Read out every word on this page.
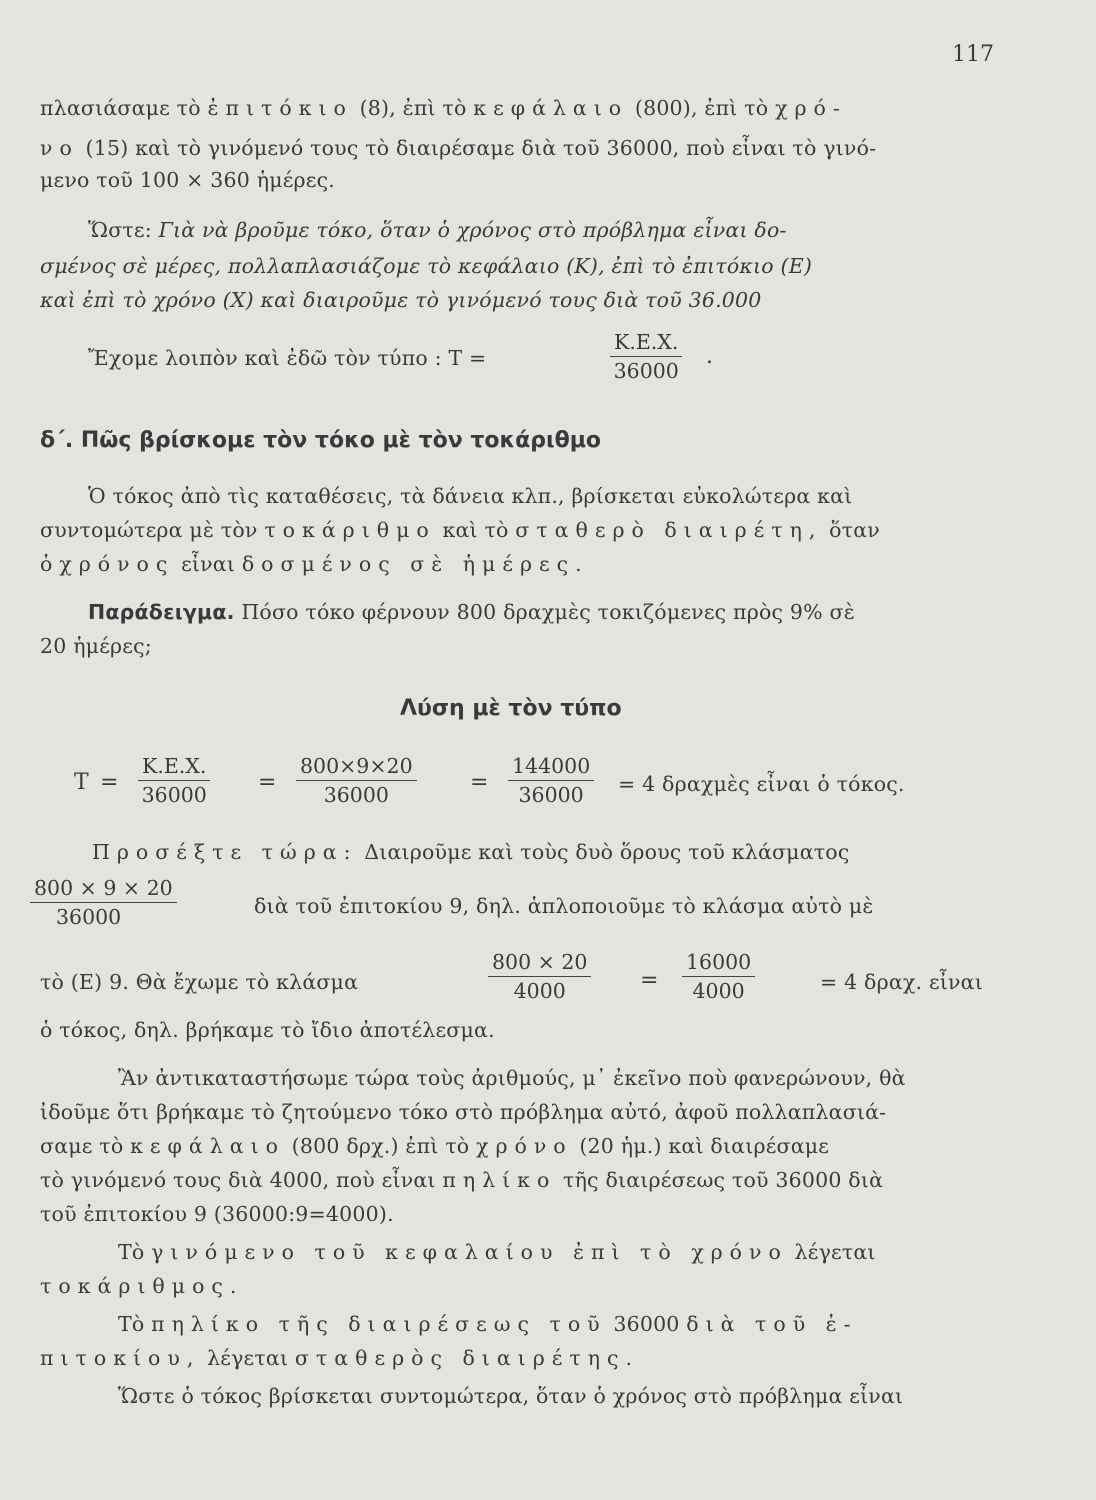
117
πλασιάσαμε τὸ ἐπιτόκιο (8), ἐπὶ τὸ κεφάλαιο (800), ἐπὶ τὸ χρό-
νο (15) καὶ τὸ γινόμενό τους τὸ διαιρέσαμε διὰ τοῦ 36000, ποὺ εἶναι τὸ γινό-
μενο τοῦ 100 × 360 ἡμέρες.
Ὥστε: Γιὰ νὰ βροῦμε τόκο, ὅταν ὁ χρόνος στὸ πρόβλημα εἶναι δο-
σμένος σὲ μέρες, πολλαπλασιάζομε τὸ κεφάλαιο (Κ), ἐπὶ τὸ ἐπιτόκιο (Ε)
καὶ ἐπὶ τὸ χρόνο (Χ) καὶ διαιροῦμε τὸ γινόμενό τους διὰ τοῦ 36.000
Ἔχομε λοιπὸν καὶ ἐδῶ τὸν τύπο : Τ =	$\frac{K.E.X.}{36000}$ .
δ΄. Πῶς βρίσκομε τὸν τόκο μὲ τὸν τοκάριθμο
Ὁ τόκος ἀπὸ τὶς καταθέσεις, τὰ δάνεια κλπ., βρίσκεται εὐκολώτερα καὶ
συντομώτερα μὲ τὸν τοκάριθμο καὶ τὸ σταθερὸ διαιρέτη, ὅταν
ὁ χρόνος εἶναι δοσμένος σὲ ἡμέρες.
Παράδειγμα. Πόσο τόκο φέρνουν 800 δραχμὲς τοκιζόμενες πρὸς 9% σὲ
20 ἡμέρες;
Λύση μὲ τὸν τύπο
$T = \frac{K.E.X.}{36000} = \frac{800\times 9\times 20}{36000} = \frac{144000}{36000} = 4$ δραχμὲς εἶναι ὁ τόκος.
Προσέξτε τώρα: Διαιροῦμε καὶ τοὺς δυὸ ὅρους τοῦ κλάσματος
$\frac{800 \times 9 \times 20}{36000}$	διὰ τοῦ ἐπιτοκίου 9, δηλ. ἁπλοποιοῦμε τὸ κλάσμα αὐτὸ μὲ
τὸ (Ε) 9. Θὰ ἔχωμε τὸ κλάσμα	$\frac{800 \times 20}{4000} = \frac{16000}{4000}$	= 4 δραχ. εἶναι
ὁ τόκος, δηλ. βρήκαμε τὸ ἴδιο ἀποτέλεσμα.
Ἂν ἀντικαταστήσωμε τώρα τοὺς ἀριθμούς, μ᾽ ἐκεῖνο ποὺ φανερώνουν, θὰ
ἰδοῦμε ὅτι βρήκαμε τὸ ζητούμενο τόκο στὸ πρόβλημα αὐτό, ἀφοῦ πολλαπλασιά-
σαμε τὸ κεφάλαιο (800 δρχ.) ἐπὶ τὸ χρόνο (20 ἡμ.) καὶ διαιρέσαμε
τὸ γινόμενό τους διὰ 4000, ποὺ εἶναι πηλίκο τῆς διαιρέσεως τοῦ 36000 διὰ
τοῦ ἐπιτοκίου 9 (36000:9=4000).
Τὸ γινόμενο τοῦ κεφαλαίου ἐπὶ τὸ χρόνο λέγεται
τοκάριθμος.
Τὸ πηλίκο τῆς διαιρέσεως τοῦ 36000 διὰ τοῦ ἐ-
πιτοκίου, λέγεται σταθερὸς διαιρέτης.
Ὥστε ὁ τόκος βρίσκεται συντομώτερα, ὅταν ὁ χρόνος στὸ πρόβλημα εἶναι
